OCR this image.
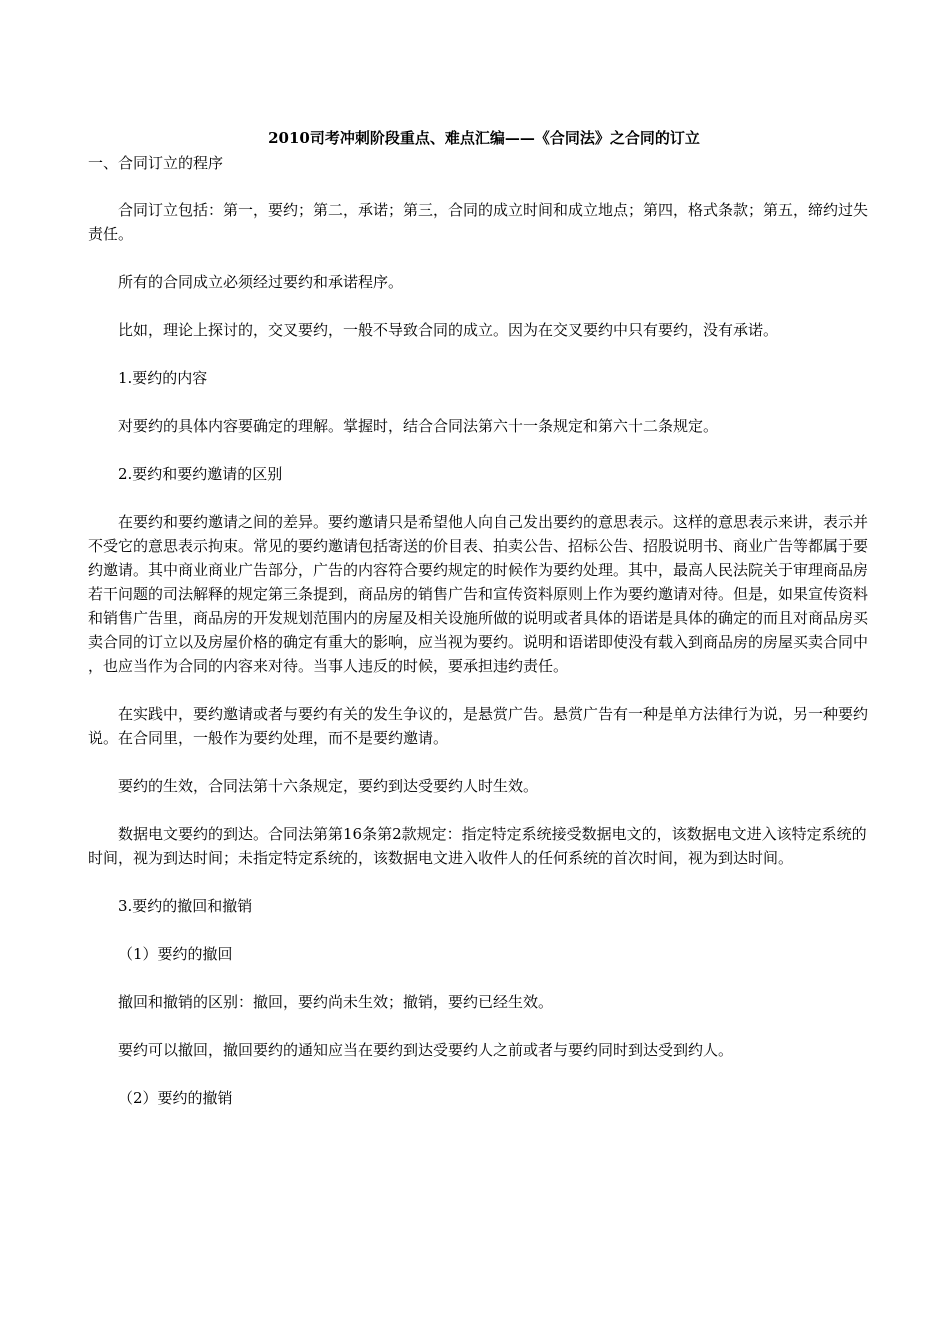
2010司考冲刺阶段重点、难点汇编——《合同法》之合同的订立

一、合同订立的程序

合同订立包括：第一，要约；第二，承诺；第三，合同的成立时间和成立地点；第四，格式条款；第五，缔约过失责任。

所有的合同成立必须经过要约和承诺程序。

比如，理论上探讨的，交叉要约，一般不导致合同的成立。因为在交叉要约中只有要约，没有承诺。

1.要约的内容

对要约的具体内容要确定的理解。掌握时，结合合同法第六十一条规定和第六十二条规定。

2.要约和要约邀请的区别

在要约和要约邀请之间的差异。要约邀请只是希望他人向自己发出要约的意思表示。这样的意思表示来讲，表示并不受它的意思表示拘束。常见的要约邀请包括寄送的价目表、拍卖公告、招标公告、招股说明书、商业广告等都属于要约邀请。其中商业商业广告部分，广告的内容符合要约规定的时候作为要约处理。其中，最高人民法院关于审理商品房若干问题的司法解释的规定第三条提到，商品房的销售广告和宣传资料原则上作为要约邀请对待。但是，如果宣传资料和销售广告里，商品房的开发规划范围内的房屋及相关设施所做的说明或者具体的语诺是具体的确定的而且对商品房买卖合同的订立以及房屋价格的确定有重大的影响，应当视为要约。说明和语诺即使没有载入到商品房的房屋买卖合同中，也应当作为合同的内容来对待。当事人违反的时候，要承担违约责任。

在实践中，要约邀请或者与要约有关的发生争议的，是悬赏广告。悬赏广告有一种是单方法律行为说，另一种要约说。在合同里，一般作为要约处理，而不是要约邀请。

要约的生效，合同法第十六条规定，要约到达受要约人时生效。

数据电文要约的到达。合同法第第16条第2款规定：指定特定系统接受数据电文的，该数据电文进入该特定系统的时间，视为到达时间；未指定特定系统的，该数据电文进入收件人的任何系统的首次时间，视为到达时间。

3.要约的撤回和撤销

（1）要约的撤回

撤回和撤销的区别：撤回，要约尚未生效；撤销，要约已经生效。

要约可以撤回，撤回要约的通知应当在要约到达受要约人之前或者与要约同时到达受到约人。

（2）要约的撤销
